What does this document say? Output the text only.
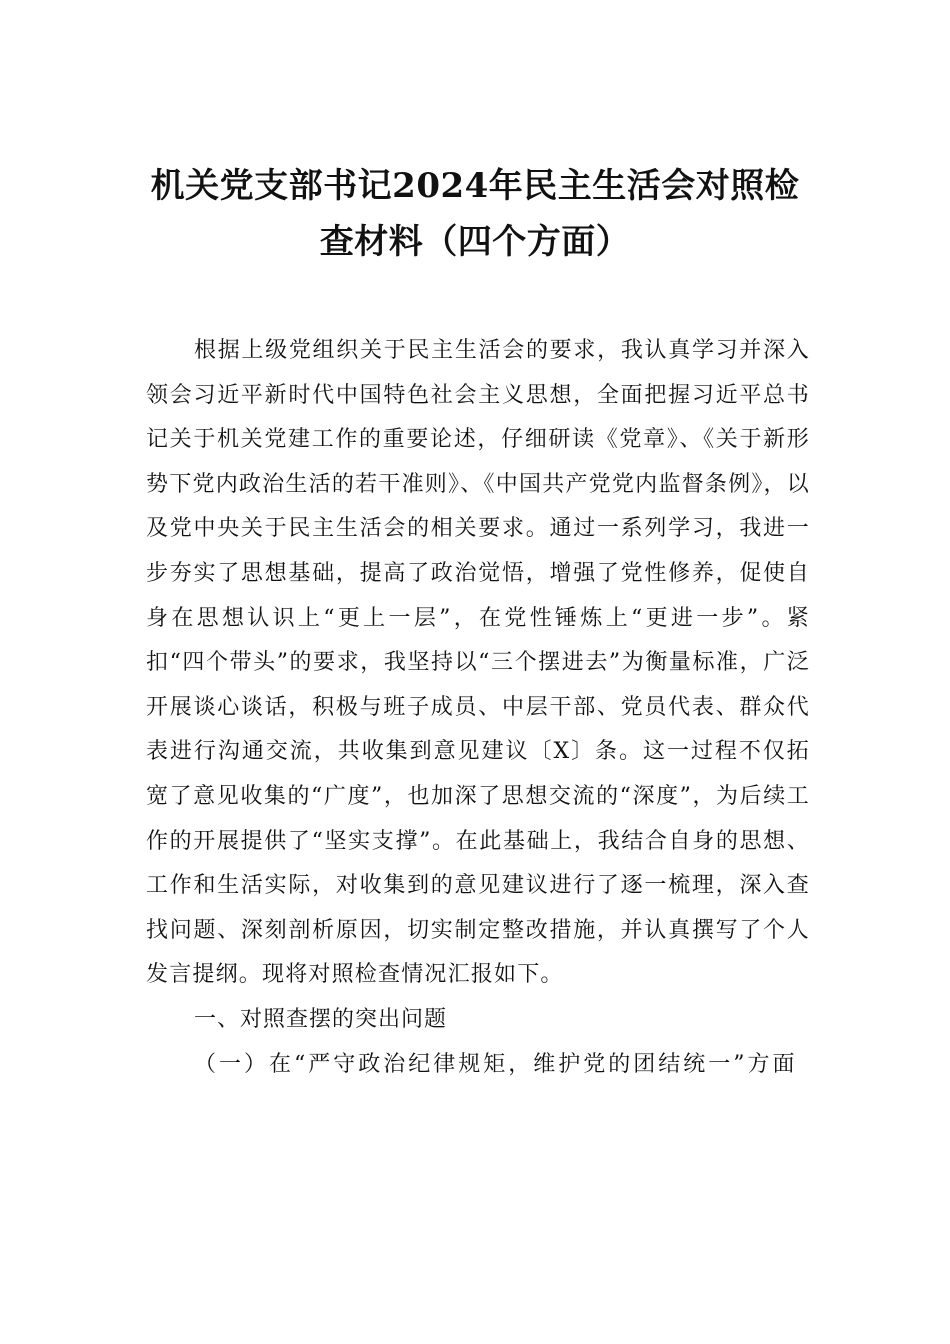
机关党支部书记2024年民主生活会对照检
查材料（四个方面）

根据上级党组织关于民主生活会的要求，我认真学习并深入领会习近平新时代中国特色社会主义思想，全面把握习近平总书记关于机关党建工作的重要论述，仔细研读《党章》、《关于新形势下党内政治生活的若干准则》、《中国共产党党内监督条例》，以及党中央关于民主生活会的相关要求。通过一系列学习，我进一步夯实了思想基础，提高了政治觉悟，增强了党性修养，促使自身在思想认识上“更上一层”，在党性锤炼上“更进一步”。紧扣“四个带头”的要求，我坚持以“三个摆进去”为衡量标准，广泛开展谈心谈话，积极与班子成员、中层干部、党员代表、群众代表进行沟通交流，共收集到意见建议〔X〕条。这一过程不仅拓宽了意见收集的“广度”，也加深了思想交流的“深度”，为后续工作的开展提供了“坚实支撑”。在此基础上，我结合自身的思想、工作和生活实际，对收集到的意见建议进行了逐一梳理，深入查找问题、深刻剖析原因，切实制定整改措施，并认真撰写了个人发言提纲。现将对照检查情况汇报如下。

一、对照查摆的突出问题

（一）在“严守政治纪律规矩，维护党的团结统一”方面
